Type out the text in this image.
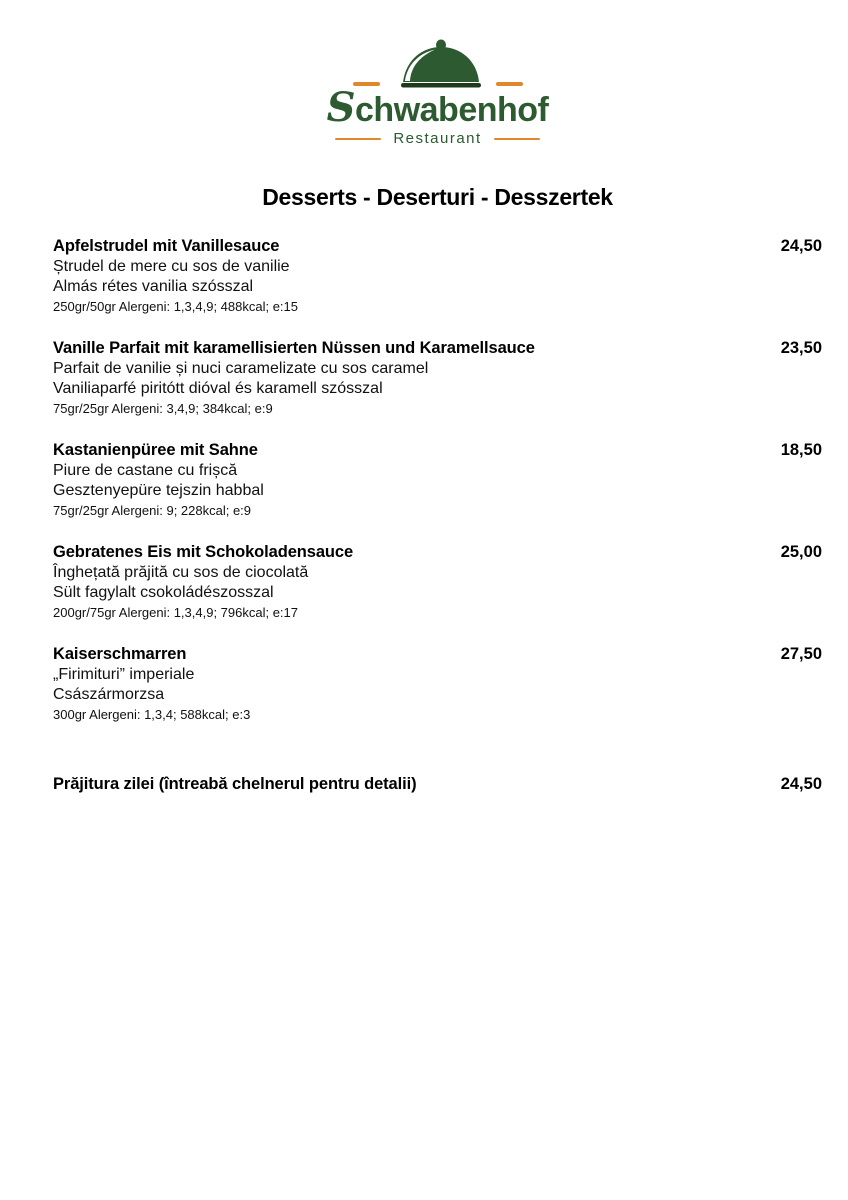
Schwabenhof
Restaurant
Desserts - Deserturi - Desszertek
Apfelstrudel mit Vanillesauce	24,50

Ștrudel de mere cu sos de vanilie

Almás rétes vanilia szósszal

250gr/50gr Alergeni: 1,3,4,9; 488kcal; e:15

Vanille Parfait mit karamellisierten Nüssen und Karamellsauce	23,50

Parfait de vanilie și nuci caramelizate cu sos caramel

Vaniliaparfé piritótt dióval és karamell szósszal

75gr/25gr Alergeni: 3,4,9; 384kcal; e:9

Kastanienpüree mit Sahne	18,50

Piure de castane cu frișcă

Gesztenyepüre tejszin habbal

75gr/25gr Alergeni: 9; 228kcal; e:9

Gebratenes Eis mit Schokoladensauce	25,00

Înghețată prăjită cu sos de ciocolată

Sült fagylalt csokoládészosszal

200gr/75gr Alergeni: 1,3,4,9; 796kcal; e:17

Kaiserschmarren	27,50

„Firimituri” imperiale

Császármorzsa

300gr Alergeni: 1,3,4; 588kcal; e:3

Prăjitura zilei (întreabă chelnerul pentru detalii)	24,50
